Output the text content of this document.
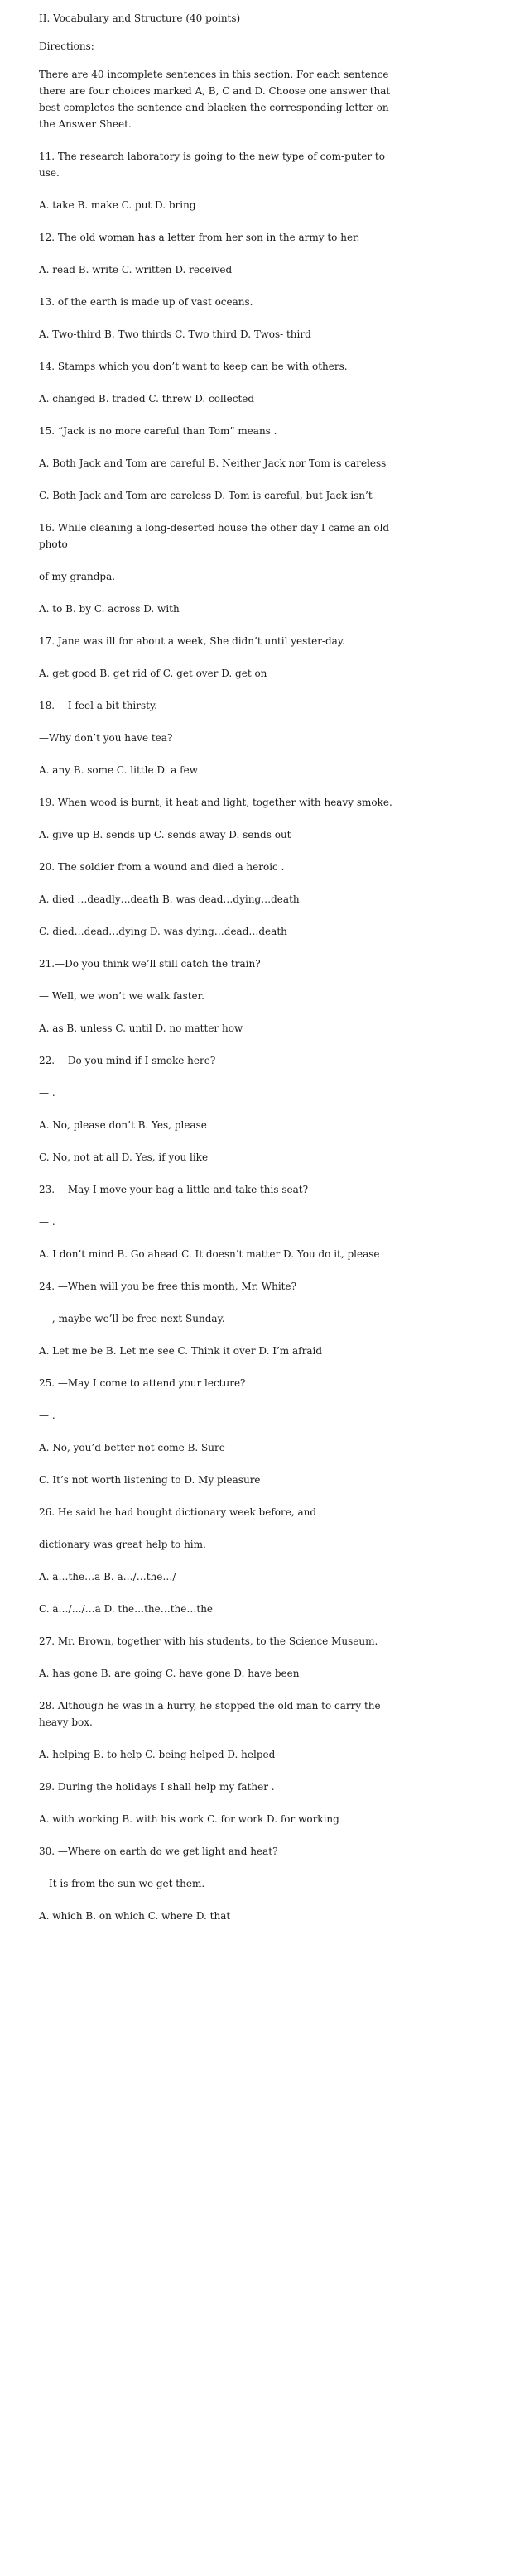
II. Vocabulary and Structure (40 points)

Directions:

There are 40 incomplete sentences in this section. For each sentence there are four choices marked A, B, C and D. Choose one answer that best completes the sentence and blacken the corresponding letter on the Answer Sheet.

11. The research laboratory is going to the new type of com-puter to use.

A. take B. make C. put D. bring

12. The old woman has a letter from her son in the army to her.

A. read B. write C. written D. received

13. of the earth is made up of vast oceans.

A. Two-third B. Two thirds C. Two third D. Twos- third

14. Stamps which you don’t want to keep can be with others.

A. changed B. traded C. threw D. collected

15. “Jack is no more careful than Tom” means .

A. Both Jack and Tom are careful B. Neither Jack nor Tom is careless

C. Both Jack and Tom are careless D. Tom is careful, but Jack isn’t

16. While cleaning a long-deserted house the other day I came an old photo

of my grandpa.

A. to B. by C. across D. with

17. Jane was ill for about a week, She didn’t until yester-day.

A. get good B. get rid of C. get over D. get on

18. —I feel a bit thirsty.

—Why don’t you have tea?

A. any B. some C. little D. a few

19. When wood is burnt, it heat and light, together with heavy smoke.

A. give up B. sends up C. sends away D. sends out

20. The soldier from a wound and died a heroic .

A. died …deadly…death B. was dead…dying…death

C. died…dead…dying D. was dying…dead…death

21.—Do you think we’ll still catch the train?

— Well, we won’t we walk faster.

A. as B. unless C. until D. no matter how

22. —Do you mind if I smoke here?

— .

A. No, please don’t B. Yes, please

C. No, not at all D. Yes, if you like

23. —May I move your bag a little and take this seat?

— .

A. I don’t mind B. Go ahead C. It doesn’t matter D. You do it, please

24. —When will you be free this month, Mr. White?

— , maybe we’ll be free next Sunday.

A. Let me be B. Let me see C. Think it over D. I’m afraid

25. —May I come to attend your lecture?

— .

A. No, you’d better not come B. Sure

C. It’s not worth listening to D. My pleasure

26. He said he had bought dictionary week before, and

dictionary was great help to him.

A. a…the…a B. a…/…the…/

C. a…/…/…a D. the…the…the…the

27. Mr. Brown, together with his students, to the Science Museum.

A. has gone B. are going C. have gone D. have been

28. Although he was in a hurry, he stopped the old man to carry the heavy box.

A. helping B. to help C. being helped D. helped

29. During the holidays I shall help my father .

A. with working B. with his work C. for work D. for working

30. —Where on earth do we get light and heat?

—It is from the sun we get them.

A. which B. on which C. where D. that
